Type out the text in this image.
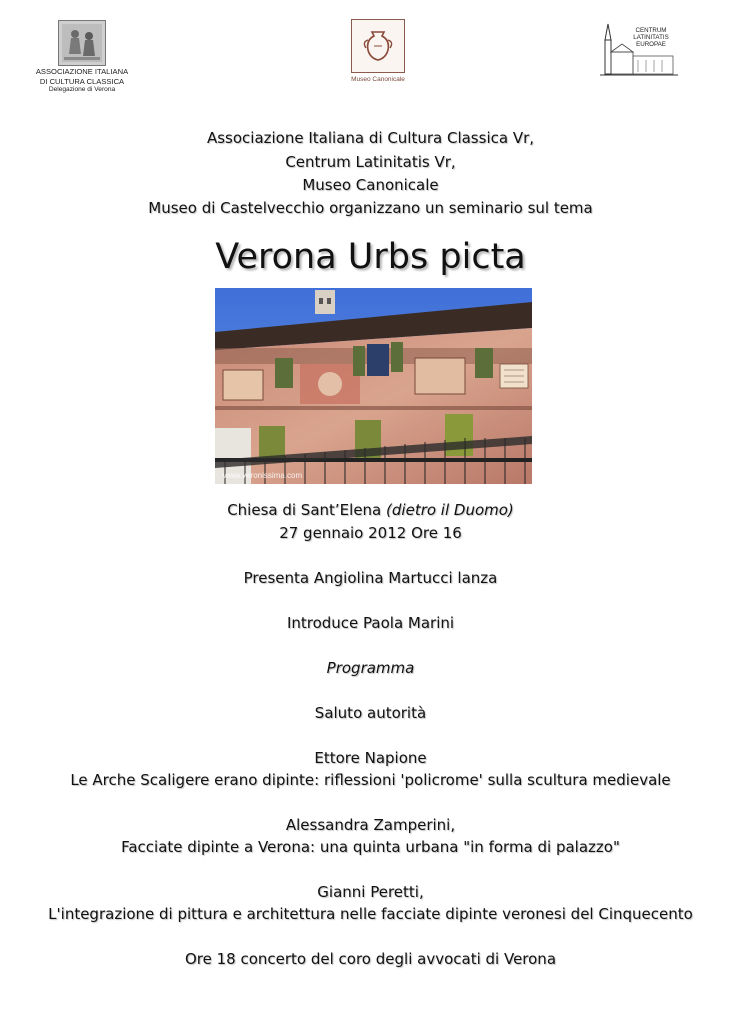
ASSOCIAZIONE ITALIANA
DI CULTURA CLASSICA
Delegazione di Verona
Museo Canonicale
CENTRUM LATINITATIS
EUROPAE
Associazione Italiana di Cultura Classica Vr,
Centrum Latinitatis Vr,
Museo Canonicale
Museo di Castelvecchio organizzano un seminario sul tema
Verona Urbs picta
www.veronissima.com
Chiesa di Sant’Elena (dietro il Duomo)
27 gennaio 2012 Ore 16
Presenta Angiolina Martucci lanza
Introduce Paola Marini
Programma
Saluto autorità
Ettore Napione
Le Arche Scaligere erano dipinte: riflessioni 'policrome' sulla scultura medievale
Alessandra Zamperini,
Facciate dipinte a Verona: una quinta urbana "in forma di palazzo"
Gianni Peretti,
L'integrazione di pittura e architettura nelle facciate dipinte veronesi del Cinquecento
Ore 18 concerto del coro degli avvocati di Verona
